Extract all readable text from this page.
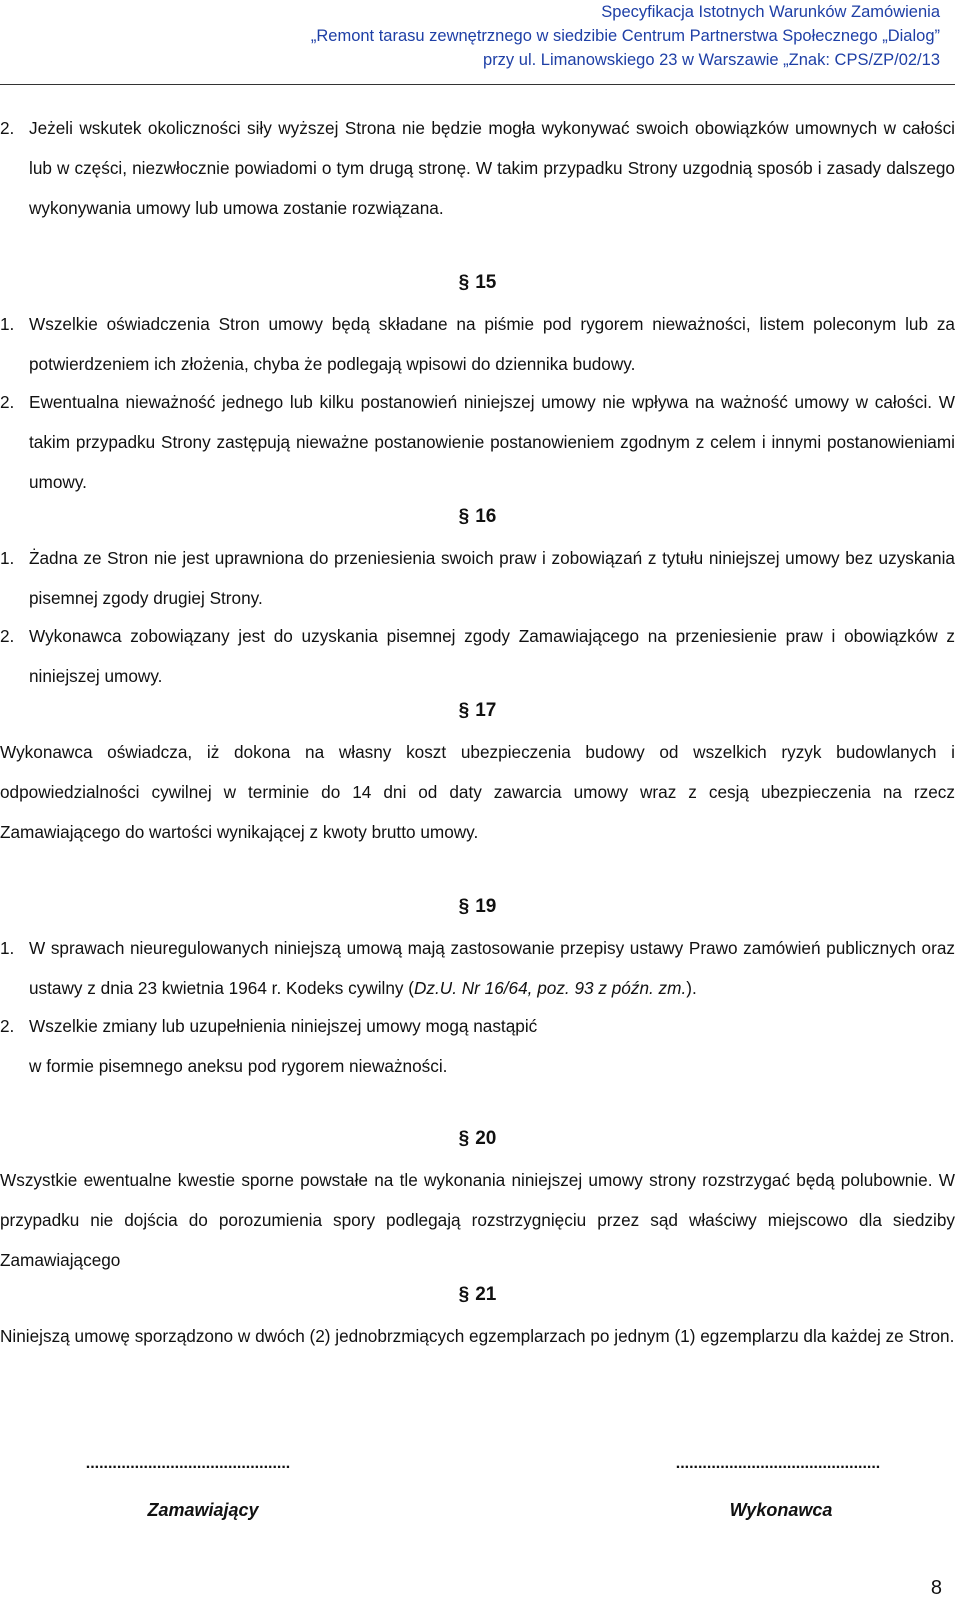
Specyfikacja Istotnych Warunków Zamówienia
„Remont tarasu zewnętrznego w siedzibie Centrum Partnerstwa Społecznego „Dialog”
przy ul. Limanowskiego 23 w Warszawie „Znak: CPS/ZP/02/13
2. Jeżeli wskutek okoliczności siły wyższej Strona nie będzie mogła wykonywać swoich obowiązków umownych w całości lub w części, niezwłocznie powiadomi o tym drugą stronę. W takim przypadku Strony uzgodnią sposób i zasady dalszego wykonywania umowy lub umowa zostanie rozwiązana.
§ 15
1. Wszelkie oświadczenia Stron umowy będą składane na piśmie pod rygorem nieważności, listem poleconym lub za potwierdzeniem ich złożenia, chyba że podlegają wpisowi do dziennika budowy.
2. Ewentualna nieważność jednego lub kilku postanowień niniejszej umowy nie wpływa na ważność umowy w całości. W takim przypadku Strony zastępują nieważne postanowienie postanowieniem zgodnym z celem i innymi postanowieniami umowy.
§ 16
1. Żadna ze Stron nie jest uprawniona do przeniesienia swoich praw i zobowiązań z tytułu niniejszej umowy bez uzyskania pisemnej zgody drugiej Strony.
2. Wykonawca zobowiązany jest do uzyskania pisemnej zgody Zamawiającego na przeniesienie praw i obowiązków z niniejszej umowy.
§ 17
Wykonawca oświadcza, iż dokona na własny koszt ubezpieczenia budowy od wszelkich ryzyk budowlanych i odpowiedzialności cywilnej w terminie do 14 dni od daty zawarcia umowy wraz z cesją ubezpieczenia na rzecz Zamawiającego do wartości wynikającej z kwoty brutto umowy.
§ 19
1. W sprawach nieuregulowanych niniejszą umową mają zastosowanie przepisy ustawy Prawo zamówień publicznych oraz ustawy z dnia 23 kwietnia 1964 r. Kodeks cywilny (Dz.U. Nr 16/64, poz. 93 z późn. zm.).
2. Wszelkie zmiany lub uzupełnienia niniejszej umowy mogą nastąpić
w formie pisemnego aneksu pod rygorem nieważności.
§ 20
Wszystkie ewentualne kwestie sporne powstałe na tle wykonania niniejszej umowy strony rozstrzygać będą polubownie. W przypadku nie dojścia do porozumienia spory podlegają rozstrzygnięciu przez sąd właściwy miejscowo dla siedziby Zamawiającego
§ 21
Niniejszą umowę sporządzono w dwóch (2) jednobrzmiących egzemplarzach po jednym (1) egzemplarzu dla każdej ze Stron.
..............................................	..............................................
Zamawiający	Wykonawca
8
